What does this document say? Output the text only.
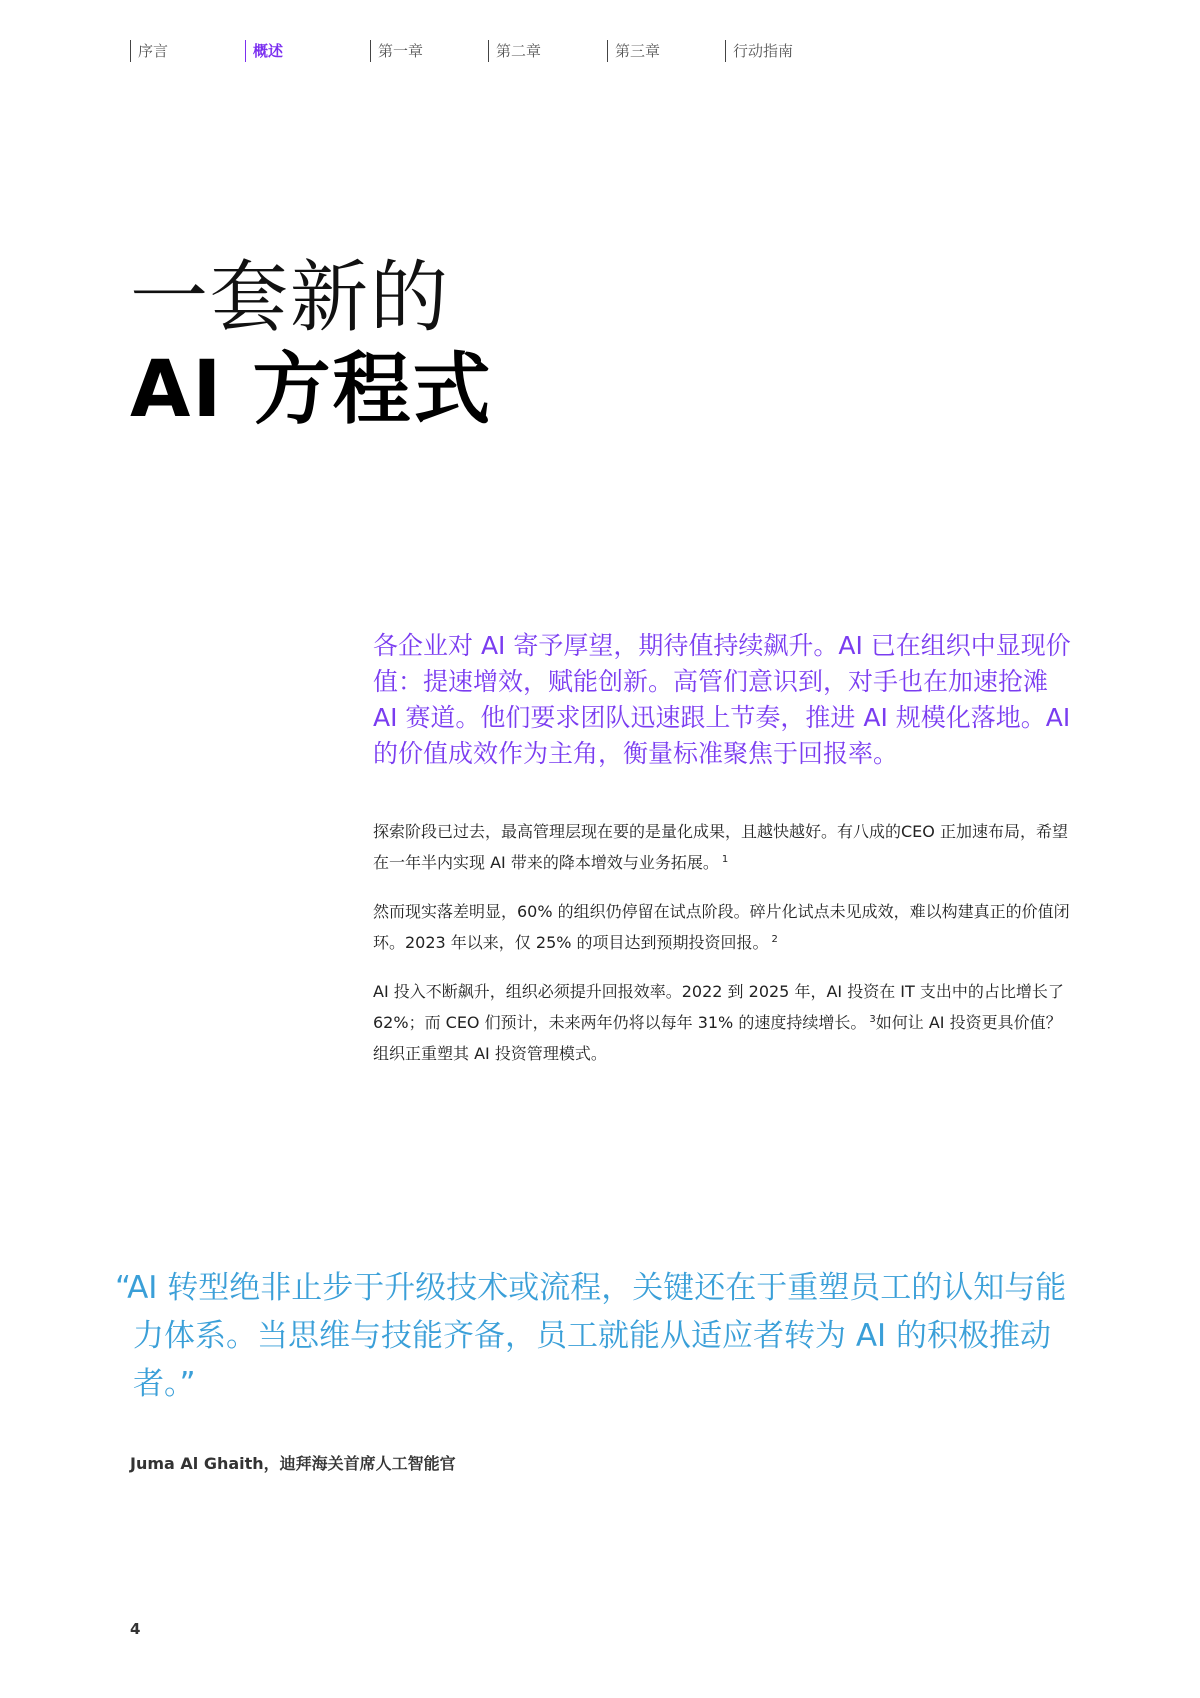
序言	概述	第一章	第二章	第三章	行动指南
一套新的
AI 方程式

各企业对 AI 寄予厚望，期待值持续飙升。AI 已在组织中显现价值：提速增效，赋能创新。高管们意识到，对手也在加速抢滩 AI 赛道。他们要求团队迅速跟上节奏，推进 AI 规模化落地。AI 的价值成效作为主角，衡量标准聚焦于回报率。

探索阶段已过去，最高管理层现在要的是量化成果，且越快越好。有八成的CEO 正加速布局，希望在一年半内实现 AI 带来的降本增效与业务拓展。 $^1$

然而现实落差明显，60% 的组织仍停留在试点阶段。碎片化试点未见成效，难以构建真正的价值闭环。2023 年以来，仅 25% 的项目达到预期投资回报。 $^2$

AI 投入不断飙升，组织必须提升回报效率。2022 到 2025 年，AI 投资在 IT 支出中的占比增长了 62%；而 CEO 们预计，未来两年仍将以每年 31% 的速度持续增长。 $^3$如何让 AI 投资更具价值？组织正重塑其 AI 投资管理模式。

“AI 转型绝非止步于升级技术或流程，关键还在于重塑员工的认知与能力体系。当思维与技能齐备，员工就能从适应者转为 AI 的积极推动者。”

Juma Al Ghaith，迪拜海关首席人工智能官

4
